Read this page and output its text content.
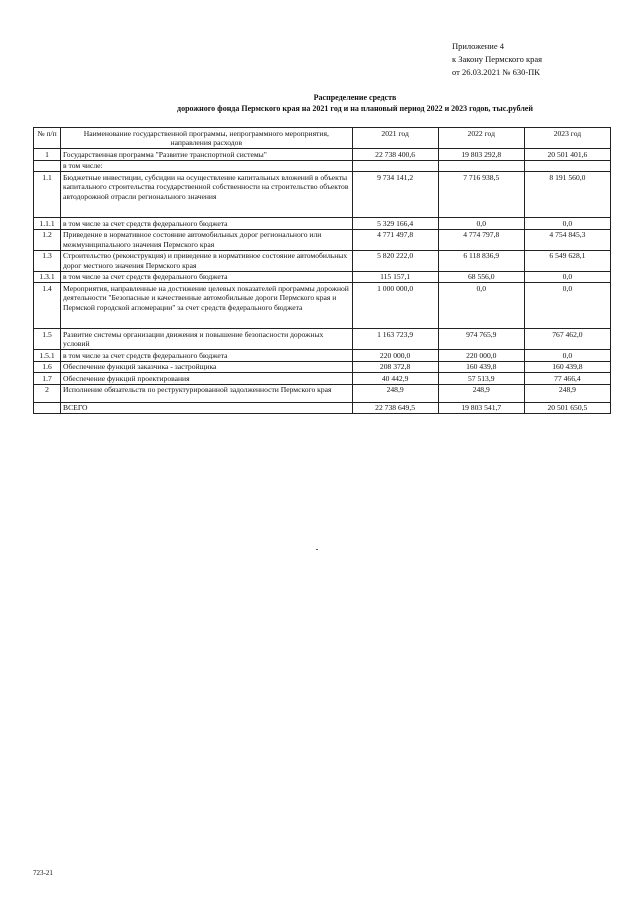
Приложение 4
к Закону Пермского края
от 26.03.2021 № 630-ПК
Распределение средств
дорожного фонда Пермского края на 2021 год и на плановый период 2022 и 2023 годов, тыс.рублей
№ п/п	Наименование государственной программы, непрограммного мероприятия, направления расходов	2021 год	2022 год	2023 год
1	Государственная программа "Развитие транспортной системы"	22 738 400,6	19 803 292,8	20 501 401,6
	в том числе:			
1.1	Бюджетные инвестиции, субсидии на осуществление капитальных вложений в объекты капитального строительства государственной собственности на строительство объектов автодорожной отрасли регионального значения	9 734 141,2	7 716 938,5	8 191 560,0
1.1.1	в том числе за счет средств федерального бюджета	5 329 166,4	0,0	0,0
1.2	Приведение в нормативное состояние автомобильных дорог регионального или межмуниципального значения Пермского края	4 771 497,8	4 774 797,8	4 754 845,3
1.3	Строительство (реконструкция) и приведение в нормативное состояние автомобильных дорог местного значения Пермского края	5 820 222,0	6 118 836,9	6 549 628,1
1.3.1	в том числе за счет средств федерального бюджета	115 157,1	68 556,0	0,0
1.4	Мероприятия, направленные на достижение целевых показателей программы дорожной деятельности "Безопасные и качественные автомобильные дороги Пермского края и Пермской городской агломерации" за счет средств федерального бюджета	1 000 000,0	0,0	0,0
1.5	Развитие системы организации движения и повышение безопасности дорожных условий	1 163 723,9	974 765,9	767 462,0
1.5.1	в том числе за счет средств федерального бюджета	220 000,0	220 000,0	0,0
1.6	Обеспечение функций заказчика - застройщика	208 372,8	160 439,8	160 439,8
1.7	Обеспечение функций проектирования	40 442,9	57 513,9	77 466,4
2	Исполнение обязательств по реструктурированной задолженности Пермского края	248,9	248,9	248,9
	ВСЕГО	22 738 649,5	19 803 541,7	20 501 650,5
723-21
